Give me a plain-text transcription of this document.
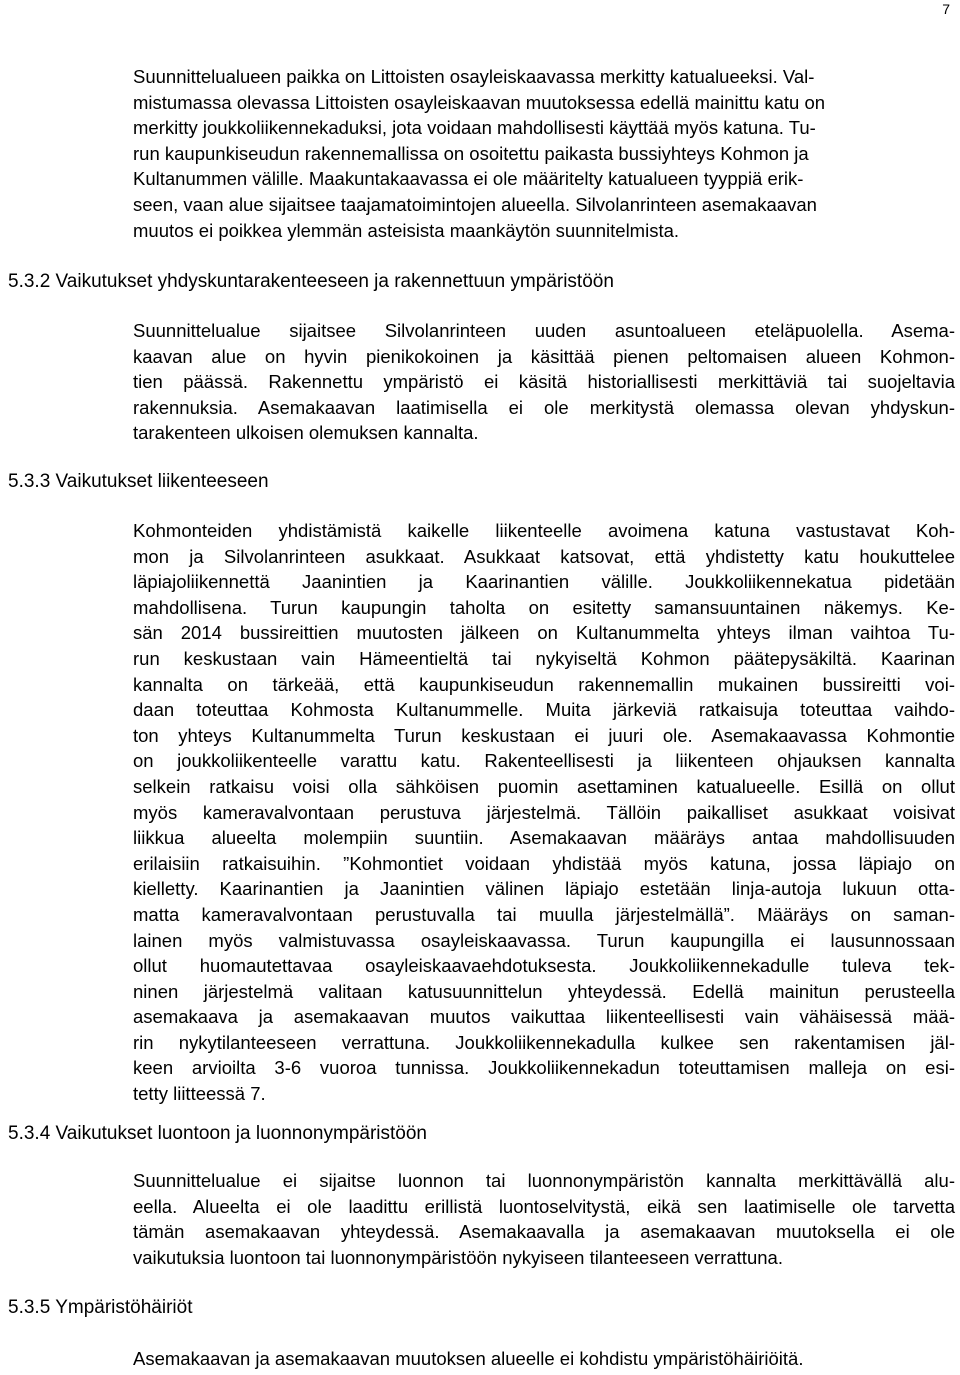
7
Suunnittelualueen paikka on Littoisten osayleiskaavassa merkitty katualueeksi. Val-
mistumassa olevassa Littoisten osayleiskaavan muutoksessa edellä mainittu katu on
merkitty joukkoliikennekaduksi, jota voidaan mahdollisesti käyttää myös katuna. Tu-
run kaupunkiseudun rakennemallissa on osoitettu paikasta bussiyhteys Kohmon ja
Kultanummen välille. Maakuntakaavassa ei ole määritelty katualueen tyyppiä erik-
seen, vaan alue sijaitsee taajamatoimintojen alueella. Silvolanrinteen asemakaavan
muutos ei poikkea ylemmän asteisista maankäytön suunnitelmista.
5.3.2 Vaikutukset yhdyskuntarakenteeseen ja rakennettuun ympäristöön
Suunnittelualue sijaitsee Silvolanrinteen uuden asuntoalueen eteläpuolella. Asema-
kaavan alue on hyvin pienikokoinen ja käsittää pienen peltomaisen alueen Kohmon-
tien päässä. Rakennettu ympäristö ei käsitä historiallisesti merkittäviä tai suojeltavia
rakennuksia. Asemakaavan laatimisella ei ole merkitystä olemassa olevan yhdyskun-
tarakenteen ulkoisen olemuksen kannalta.
5.3.3 Vaikutukset liikenteeseen
Kohmonteiden yhdistämistä kaikelle liikenteelle avoimena katuna vastustavat Koh-
mon ja Silvolanrinteen asukkaat. Asukkaat katsovat, että yhdistetty katu houkuttelee
läpiajoliikennettä Jaanintien ja Kaarinantien välille. Joukkoliikennekatua pidetään
mahdollisena. Turun kaupungin taholta on esitetty samansuuntainen näkemys. Ke-
sän 2014 bussireittien muutosten jälkeen on Kultanummelta yhteys ilman vaihtoa Tu-
run keskustaan vain Hämeentieltä tai nykyiseltä Kohmon päätepysäkiltä. Kaarinan
kannalta on tärkeää, että kaupunkiseudun rakennemallin mukainen bussireitti voi-
daan toteuttaa Kohmosta Kultanummelle. Muita järkeviä ratkaisuja toteuttaa vaihdo-
ton yhteys Kultanummelta Turun keskustaan ei juuri ole. Asemakaavassa Kohmontie
on joukkoliikenteelle varattu katu. Rakenteellisesti ja liikenteen ohjauksen kannalta
selkein ratkaisu voisi olla sähköisen puomin asettaminen katualueelle. Esillä on ollut
myös kameravalvontaan perustuva järjestelmä. Tällöin paikalliset asukkaat voisivat
liikkua alueelta molempiin suuntiin. Asemakaavan määräys antaa mahdollisuuden
erilaisiin ratkaisuihin. ”Kohmontiet voidaan yhdistää myös katuna, jossa läpiajo on
kielletty. Kaarinantien ja Jaanintien välinen läpiajo estetään linja-autoja lukuun otta-
matta kameravalvontaan perustuvalla tai muulla järjestelmällä”. Määräys on saman-
lainen myös valmistuvassa osayleiskaavassa. Turun kaupungilla ei lausunnossaan
ollut huomautettavaa osayleiskaavaehdotuksesta. Joukkoliikennekadulle tuleva tek-
ninen järjestelmä valitaan katusuunnittelun yhteydessä. Edellä mainitun perusteella
asemakaava ja asemakaavan muutos vaikuttaa liikenteellisesti vain vähäisessä mää-
rin nykytilanteeseen verrattuna. Joukkoliikennekadulla kulkee sen rakentamisen jäl-
keen arvioilta 3-6 vuoroa tunnissa. Joukkoliikennekadun toteuttamisen malleja on esi-
tetty liitteessä 7.
5.3.4 Vaikutukset luontoon ja luonnonympäristöön
Suunnittelualue ei sijaitse luonnon tai luonnonympäristön kannalta merkittävällä alu-
eella. Alueelta ei ole laadittu erillistä luontoselvitystä, eikä sen laatimiselle ole tarvetta
tämän asemakaavan yhteydessä. Asemakaavalla ja asemakaavan muutoksella ei ole
vaikutuksia luontoon tai luonnonympäristöön nykyiseen tilanteeseen verrattuna.
5.3.5 Ympäristöhäiriöt
Asemakaavan ja asemakaavan muutoksen alueelle ei kohdistu ympäristöhäiriöitä.
